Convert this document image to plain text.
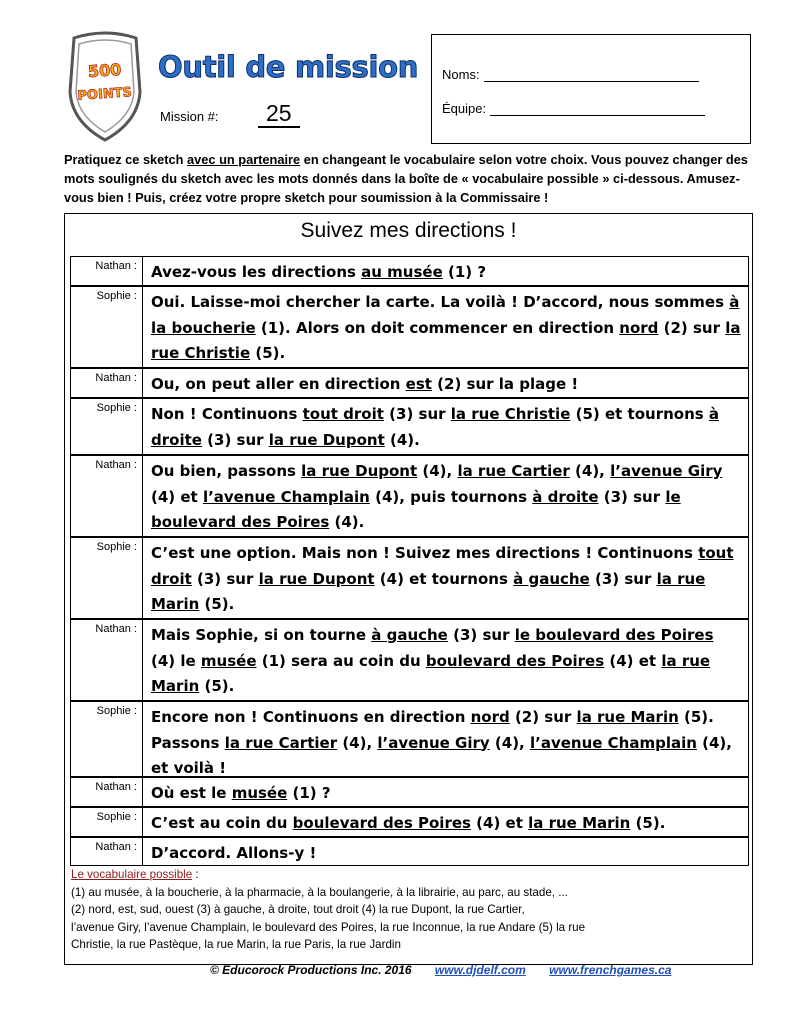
500
POINTS
Outil de mission
Mission #:	25
Noms:
Équipe:
Pratiquez ce sketch avec un partenaire en changeant le vocabulaire selon votre choix. Vous pouvez changer des mots soulignés du sketch avec les mots donnés dans la boîte de « vocabulaire possible » ci-dessous. Amusez-vous bien ! Puis, créez votre propre sketch pour soumission à la Commissaire !
Suivez mes directions !
Nathan : Avez-vous les directions au musée (1) ?
Sophie : Oui. Laisse-moi chercher la carte. La voilà ! D’accord, nous sommes à la boucherie (1). Alors on doit commencer en direction nord (2) sur la rue Christie (5).
Nathan : Ou, on peut aller en direction est (2) sur la plage !
Sophie : Non ! Continuons tout droit (3) sur la rue Christie (5) et tournons à droite (3) sur la rue Dupont (4).
Nathan : Ou bien, passons la rue Dupont (4), la rue Cartier (4), l’avenue Giry (4) et l’avenue Champlain (4), puis tournons à droite (3) sur le boulevard des Poires (4).
Sophie : C’est une option. Mais non ! Suivez mes directions ! Continuons tout droit (3) sur la rue Dupont (4) et tournons à gauche (3) sur la rue Marin (5).
Nathan : Mais Sophie, si on tourne à gauche (3) sur le boulevard des Poires (4) le musée (1) sera au coin du boulevard des Poires (4) et la rue Marin (5).
Sophie : Encore non ! Continuons en direction nord (2) sur la rue Marin (5). Passons la rue Cartier (4), l’avenue Giry (4), l’avenue Champlain (4), et voilà !
Nathan : Où est le musée (1) ?
Sophie : C’est au coin du boulevard des Poires (4) et la rue Marin (5).
Nathan : D’accord. Allons-y !
Le vocabulaire possible :
(1) au musée, à la boucherie, à la pharmacie, à la boulangerie, à la librairie, au parc, au stade, ...
(2) nord, est, sud, ouest (3) à gauche, à droite, tout droit (4) la rue Dupont, la rue Cartier,
l’avenue Giry, l’avenue Champlain, le boulevard des Poires, la rue Inconnue, la rue Andare (5) la rue
Christie, la rue Pastèque, la rue Marin, la rue Paris, la rue Jardin
© Educorock Productions Inc. 2016 www.djdelf.com www.frenchgames.ca
